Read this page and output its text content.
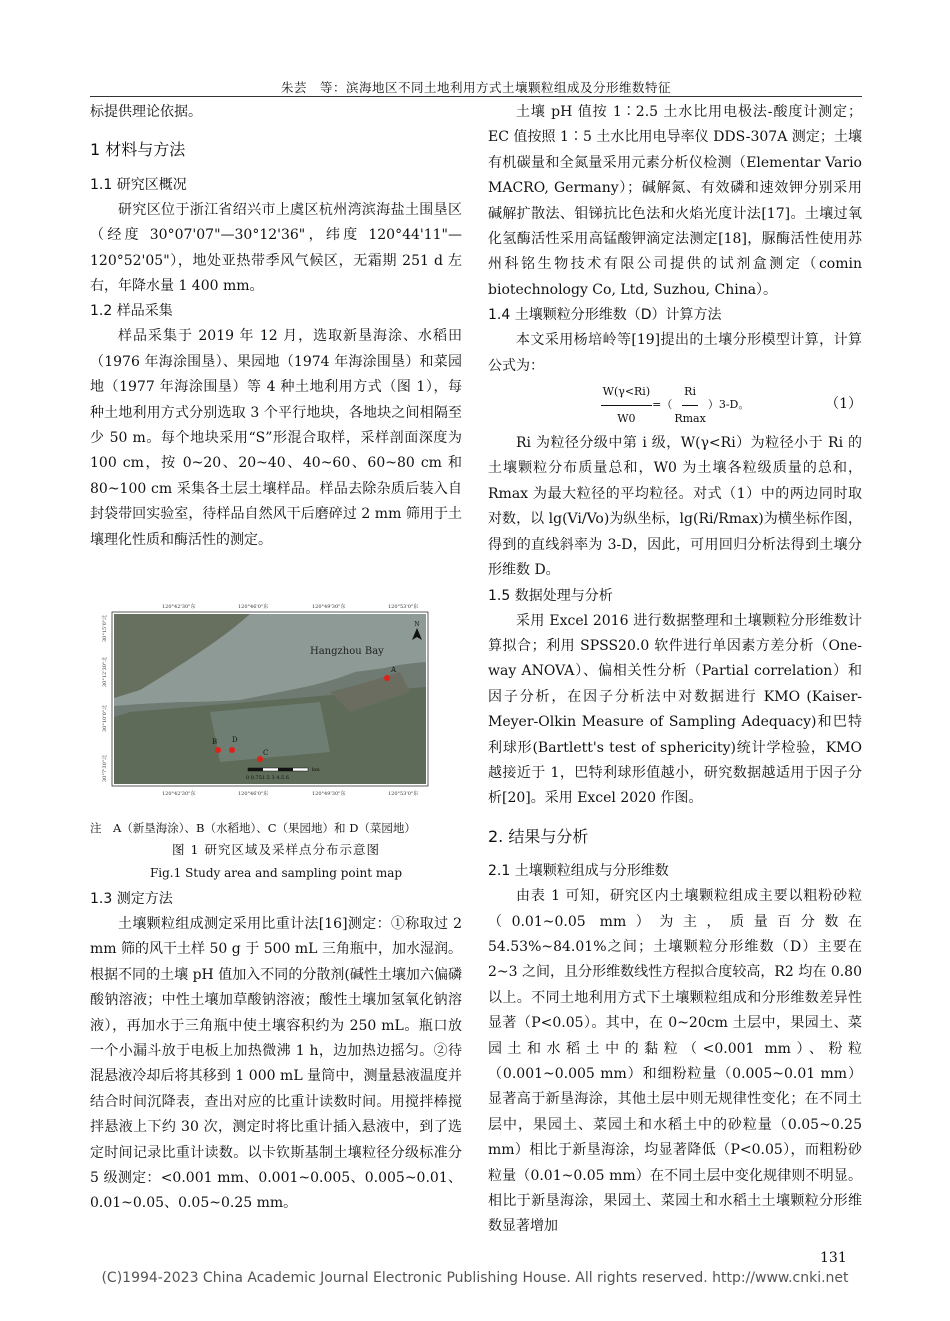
朱芸　等：滨海地区不同土地利用方式土壤颗粒组成及分形维数特征

标提供理论依据。

1 材料与方法
1.1 研究区概况

研究区位于浙江省绍兴市上虞区杭州湾滨海盐土围垦区（经度 30°07'07"—30°12'36"，纬度 120°44'11"—120°52'05"），地处亚热带季风气候区，无霜期 251 d 左右，年降水量 1 400 mm。

1.2 样品采集

样品采集于 2019 年 12 月，选取新垦海涂、水稻田（1976 年海涂围垦）、果园地（1974 年海涂围垦）和菜园地（1977 年海涂围垦）等 4 种土地利用方式（图 1），每种土地利用方式分别选取 3 个平行地块，各地块之间相隔至少 50 m。每个地块采用“S”形混合取样，采样剖面深度为 100 cm，按 0~20、20~40、40~60、60~80 cm 和 80~100 cm 采集各土层土壤样品。样品去除杂质后装入自封袋带回实验室，待样品自然风干后磨碎过 2 mm 筛用于土壤理化性质和酶活性的测定。

120°42'30"东	120°46'0"东	120°49'30"东	120°53'0"东
120°42'30"东	120°46'0"东	120°49'30"东	120°53'0"东
30°15'0"北
30°12'30"北
30°10'0"北
30°7'30"北
Hangzhou Bay
N
A
B D
C
km
0 0.751.5 3 4.5 6
注　A（新垦海涂）、B（水稻地）、C（果园地）和 D（菜园地）
图 1 研究区域及采样点分布示意图
Fig.1 Study area and sampling point map
1.3 测定方法

土壤颗粒组成测定采用比重计法[16]测定：①称取过 2 mm 筛的风干土样 50 g 于 500 mL 三角瓶中，加水湿润。根据不同的土壤 pH 值加入不同的分散剂(碱性土壤加六偏磷酸钠溶液；中性土壤加草酸钠溶液；酸性土壤加氢氧化钠溶液），再加水于三角瓶中使土壤容积约为 250 mL。瓶口放一个小漏斗放于电板上加热微沸 1 h，边加热边摇匀。②待混悬液冷却后将其移到 1 000 mL 量筒中，测量悬液温度并结合时间沉降表，查出对应的比重计读数时间。用搅拌棒搅拌悬液上下约 30 次，测定时将比重计插入悬液中，到了选定时间记录比重计读数。以卡钦斯基制土壤粒径分级标准分 5 级测定：<0.001 mm、0.001~0.005、0.005~0.01、0.01~0.05、0.05~0.25 mm。

土壤 pH 值按 1∶2.5 土水比用电极法-酸度计测定；EC 值按照 1∶5 土水比用电导率仪 DDS-307A 测定；土壤有机碳量和全氮量采用元素分析仪检测（Elementar Vario MACRO, Germany）；碱解氮、有效磷和速效钾分别采用碱解扩散法、钼锑抗比色法和火焰光度计法[17]。土壤过氧化氢酶活性采用高锰酸钾滴定法测定[18]，脲酶活性使用苏州科铭生物技术有限公司提供的试剂盒测定（comin biotechnology Co, Ltd, Suzhou, China）。

1.4 土壤颗粒分形维数（D）计算方法

本文采用杨培岭等[19]提出的土壤分形模型计算，计算公式为：

$\frac{W(\gamma<Ri)}{W0}$ =（ $\frac{Ri}{Rmax} )3-D$。	（1）

Ri 为粒径分级中第 i 级，W(γ<Ri）为粒径小于 Ri 的土壤颗粒分布质量总和，W0 为土壤各粒级质量的总和，Rmax 为最大粒径的平均粒径。对式（1）中的两边同时取对数，以 lg(Vi/Vo)为纵坐标，lg(Ri/Rmax)为横坐标作图，得到的直线斜率为 3-D，因此，可用回归分析法得到土壤分形维数 D。

1.5 数据处理与分析

采用 Excel 2016 进行数据整理和土壤颗粒分形维数计算拟合；利用 SPSS20.0 软件进行单因素方差分析（One-way ANOVA）、偏相关性分析（Partial correlation）和因子分析，在因子分析法中对数据进行 KMO (Kaiser-Meyer-Olkin Measure of Sampling Adequacy)和巴特利球形(Bartlett's test of sphericity)统计学检验，KMO 越接近于 1，巴特利球形值越小，研究数据越适用于因子分析[20]。采用 Excel 2020 作图。

2. 结果与分析
2.1 土壤颗粒组成与分形维数

由表 1 可知，研究区内土壤颗粒组成主要以粗粉砂粒（0.01~0.05 mm）为主，质量百分数在 54.53%~84.01%之间；土壤颗粒分形维数（D）主要在 2~3 之间，且分形维数线性方程拟合度较高，R2 均在 0.80 以上。不同土地利用方式下土壤颗粒组成和分形维数差异性显著（P<0.05）。其中，在 0~20cm 土层中，果园土、菜园土和水稻土中的黏粒（<0.001 mm）、粉粒（0.001~0.005 mm）和细粉粒量（0.005~0.01 mm）显著高于新垦海涂，其他土层中则无规律性变化；在不同土层中，果园土、菜园土和水稻土中的砂粒量（0.05~0.25 mm）相比于新垦海涂，均显著降低（P<0.05），而粗粉砂粒量（0.01~0.05 mm）在不同土层中变化规律则不明显。相比于新垦海涂，果园土、菜园土和水稻土土壤颗粒分形维数显著增加

131
(C)1994-2023 China Academic Journal Electronic Publishing House. All rights reserved. http://www.cnki.net
